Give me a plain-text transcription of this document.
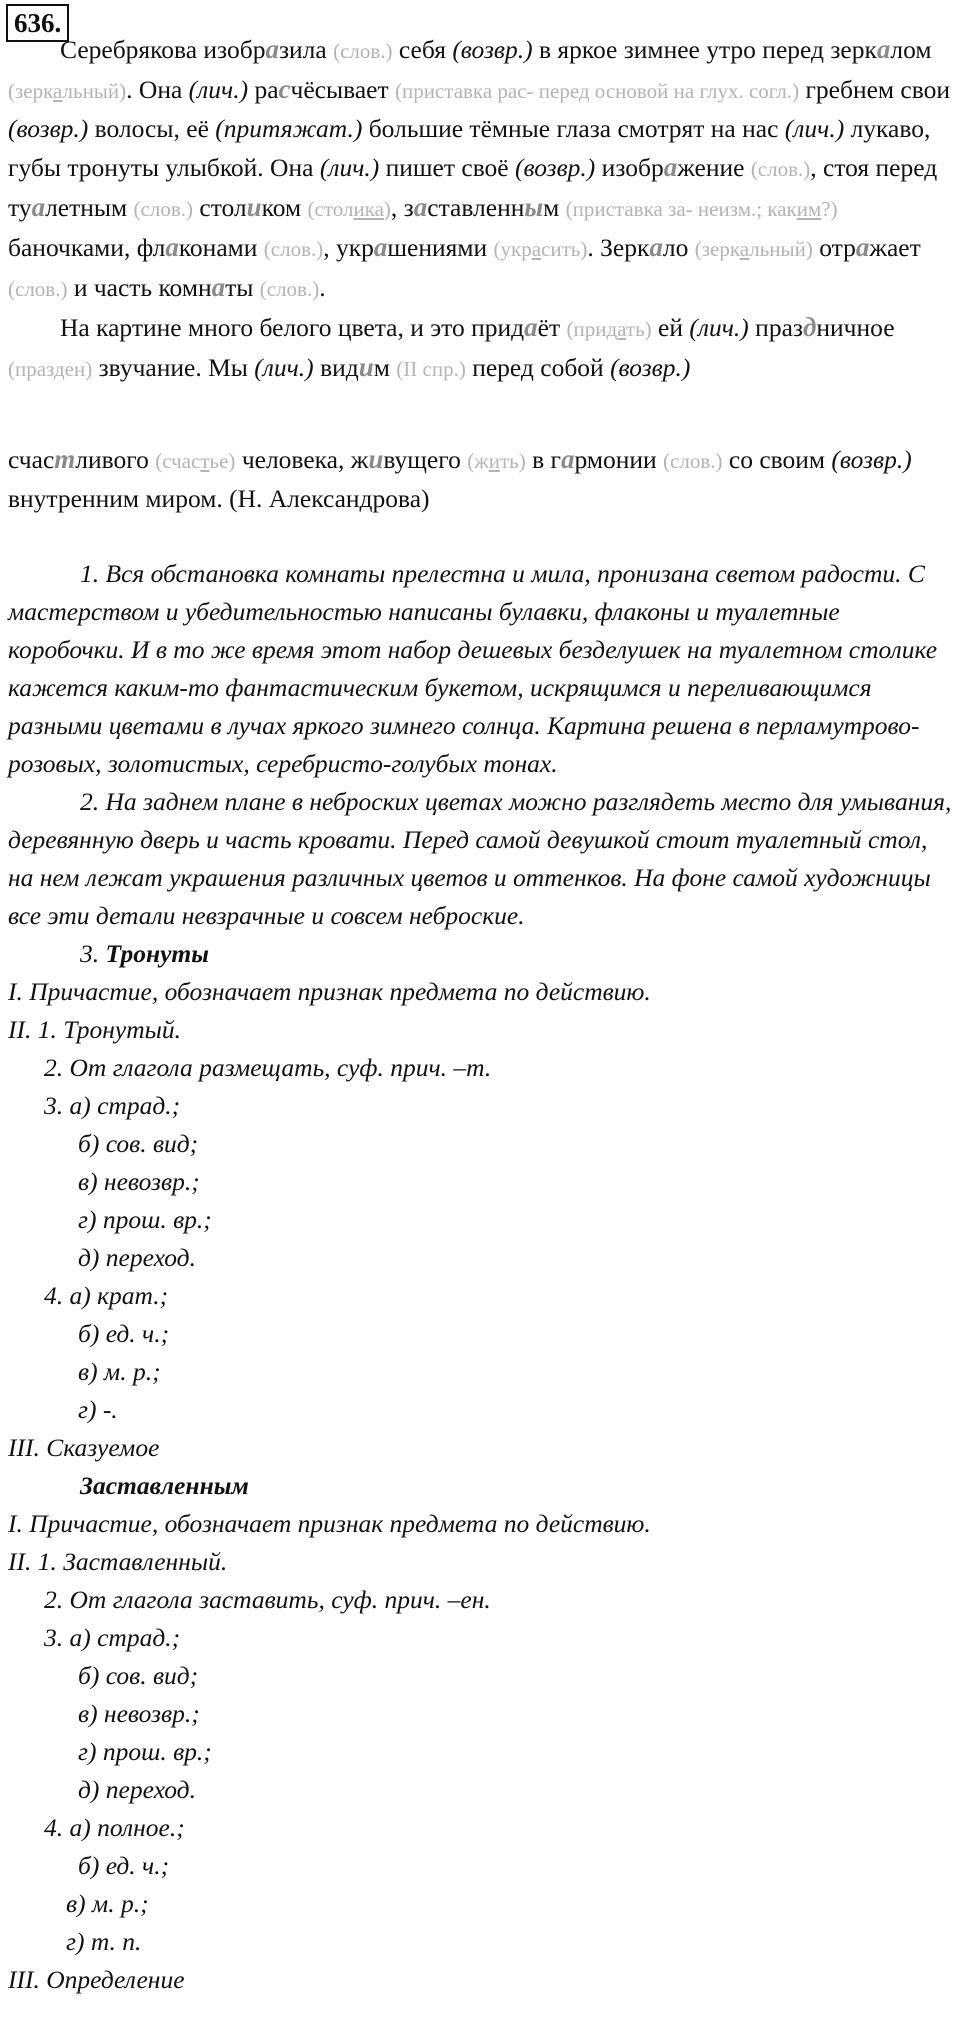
636.

Серебрякова изобразила (слов.) себя (возвр.) в яркое зимнее утро перед зеркалом (зеркальный). Она (лич.) расчёсывает (приставка рас- перед основой на глух. согл.) гребнем свои (возвр.) волосы, её (притяжат.) большие тёмные глаза смотрят на нас (лич.) лукаво, губы тронуты улыбкой. Она (лич.) пишет своё (возвр.) изображение (слов.), стоя перед туалетным (слов.) столиком (столика), заставленным (приставка за- неизм.; каким?) баночками, флаконами (слов.), украшениями (украсить). Зеркало (зеркальный) отражает (слов.) и часть комнаты (слов.).

На картине много белого цвета, и это придаёт (придать) ей (лич.) праздничное (празден) звучание. Мы (лич.) видим (II спр.) перед собой (возвр.)

счастливого (счастье) человека, живущего (жить) в гармонии (слов.) со своим (возвр.) внутренним миром. (Н. Александрова)

1. Вся обстановка комнаты прелестна и мила, пронизана светом радости. С мастерством и убедительностью написаны булавки, флаконы и туалетные коробочки. И в то же время этот набор дешевых безделушек на туалетном столике кажется каким-то фантастическим букетом, искрящимся и переливающимся разными цветами в лучах яркого зимнего солнца. Картина решена в перламутрово-розовых, золотистых, серебристо-голубых тонах.

2. На заднем плане в неброских цветах можно разглядеть место для умывания, деревянную дверь и часть кровати. Перед самой девушкой стоит туалетный стол, на нем лежат украшения различных цветов и оттенков. На фоне самой художницы все эти детали невзрачные и совсем неброские.

3. Тронуты
I. Причастие, обозначает признак предмета по действию.
II. 1. Тронутый.
2. От глагола размещать, суф. прич. –т.
3. а) страд.;
б) сов. вид;
в) невозвр.;
г) прош. вр.;
д) переход.
4. а) крат.;
б) ед. ч.;
в) м. р.;
г) -.
III. Сказуемое
Заставленным
I. Причастие, обозначает признак предмета по действию.
II. 1. Заставленный.
2. От глагола заставить, суф. прич. –ен.
3. а) страд.;
б) сов. вид;
в) невозвр.;
г) прош. вр.;
д) переход.
4. а) полное.;
б) ед. ч.;
в) м. р.;
г) т. п.
III. Определение
